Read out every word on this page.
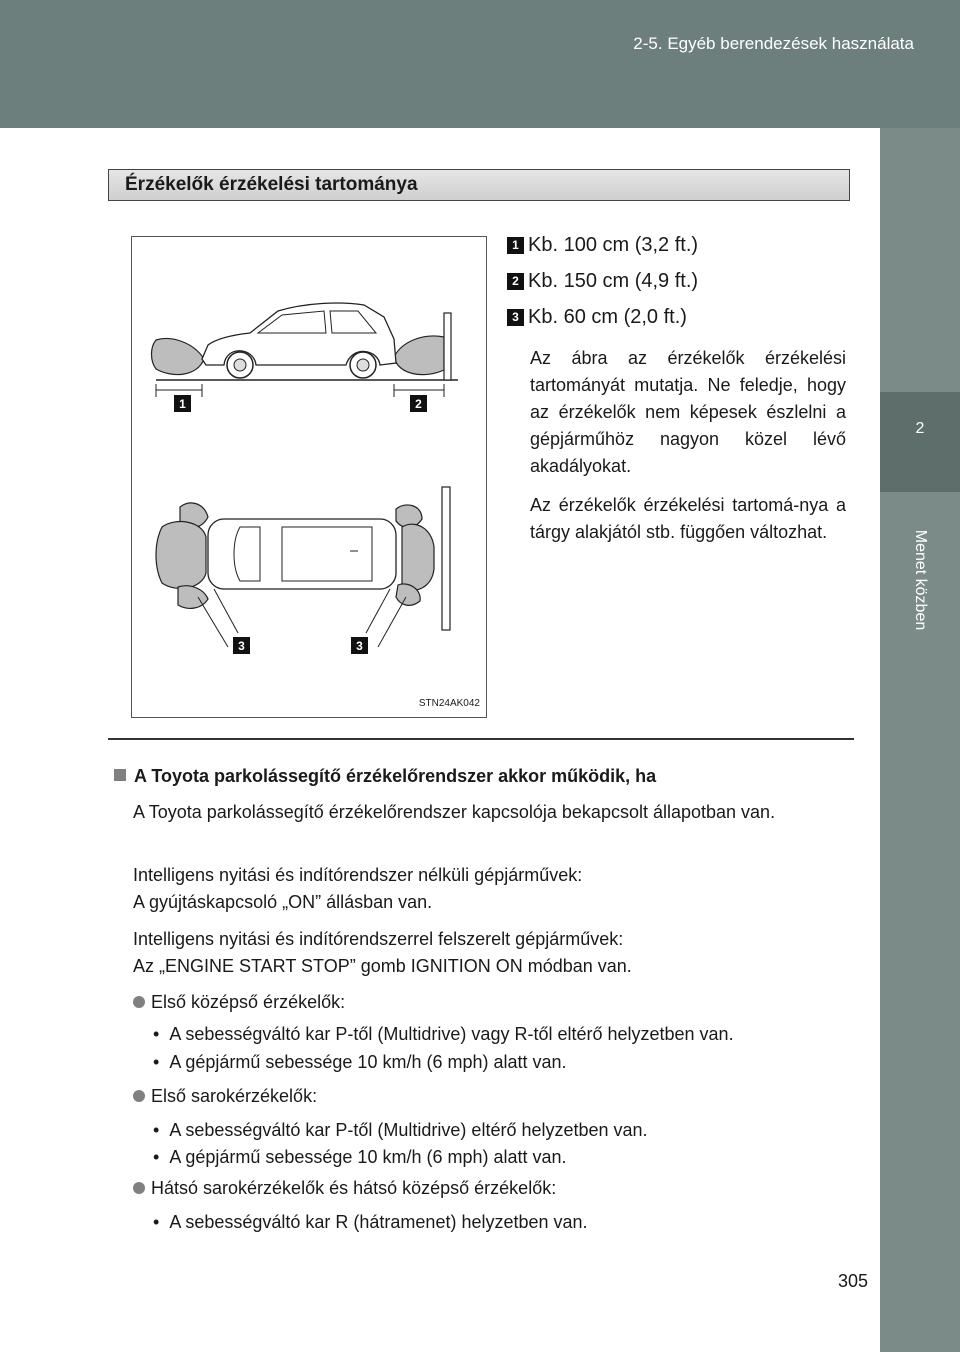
2-5. Egyéb berendezések használata
2
Menet közben
Érzékelők érzékelési tartománya
1	2
3	3
STN24AK042
1 Kb. 100 cm (3,2 ft.)
2 Kb. 150 cm (4,9 ft.)
3 Kb. 60 cm (2,0 ft.)
Az ábra az érzékelők érzékelési tartományát mutatja. Ne feledje, hogy az érzékelők nem képesek észlelni a gépjárműhöz nagyon közel lévő akadályokat.
Az érzékelők érzékelési tartomá-nya a tárgy alakjától stb. függően változhat.
A Toyota parkolássegítő érzékelőrendszer akkor működik, ha
A Toyota parkolássegítő érzékelőrendszer kapcsolója bekapcsolt állapotban van.
Intelligens nyitási és indítórendszer nélküli gépjárművek:
A gyújtáskapcsoló „ON” állásban van.
Intelligens nyitási és indítórendszerrel felszerelt gépjárművek:
Az „ENGINE START STOP” gomb IGNITION ON módban van.
Első középső érzékelők:
•  A sebességváltó kar P-től (Multidrive) vagy R-től eltérő helyzetben van.
•  A gépjármű sebessége 10 km/h (6 mph) alatt van.
Első sarokérzékelők:
•  A sebességváltó kar P-től (Multidrive) eltérő helyzetben van.
•  A gépjármű sebessége 10 km/h (6 mph) alatt van.
Hátsó sarokérzékelők és hátsó középső érzékelők:
•  A sebességváltó kar R (hátramenet) helyzetben van.
305
